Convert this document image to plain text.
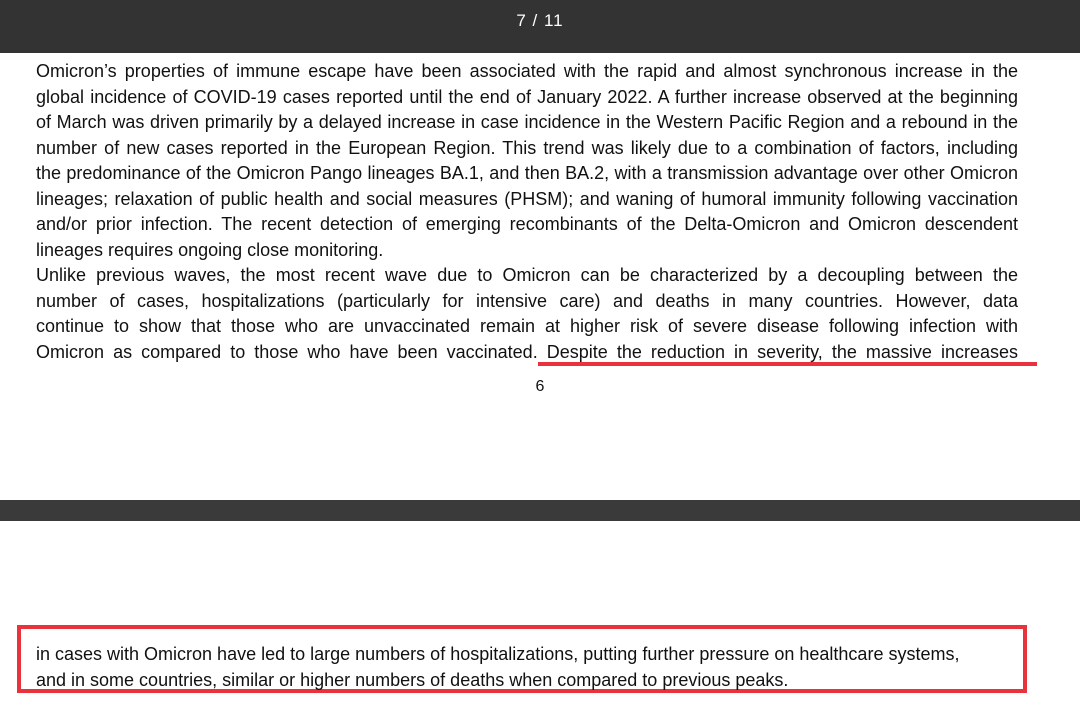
7 / 11
Omicron’s properties of immune escape have been associated with the rapid and almost synchronous increase in the
global incidence of COVID-19 cases reported until the end of January 2022. A further increase observed at the beginning
of March was driven primarily by a delayed increase in case incidence in the Western Pacific Region and a rebound in the
number of new cases reported in the European Region. This trend was likely due to a combination of factors, including
the predominance of the Omicron Pango lineages BA.1, and then BA.2, with a transmission advantage over other Omicron
lineages; relaxation of public health and social measures (PHSM); and waning of humoral immunity following vaccination
and/or prior infection. The recent detection of emerging recombinants of the Delta-Omicron and Omicron descendent
lineages requires ongoing close monitoring.
Unlike previous waves, the most recent wave due to Omicron can be characterized by a decoupling between the
number of cases, hospitalizations (particularly for intensive care) and deaths in many countries. However, data
continue to show that those who are unvaccinated remain at higher risk of severe disease following infection with
Omicron as compared to those who have been vaccinated. Despite the reduction in severity, the massive increases
6
in cases with Omicron have led to large numbers of hospitalizations, putting further pressure on healthcare systems,
and in some countries, similar or higher numbers of deaths when compared to previous peaks.
